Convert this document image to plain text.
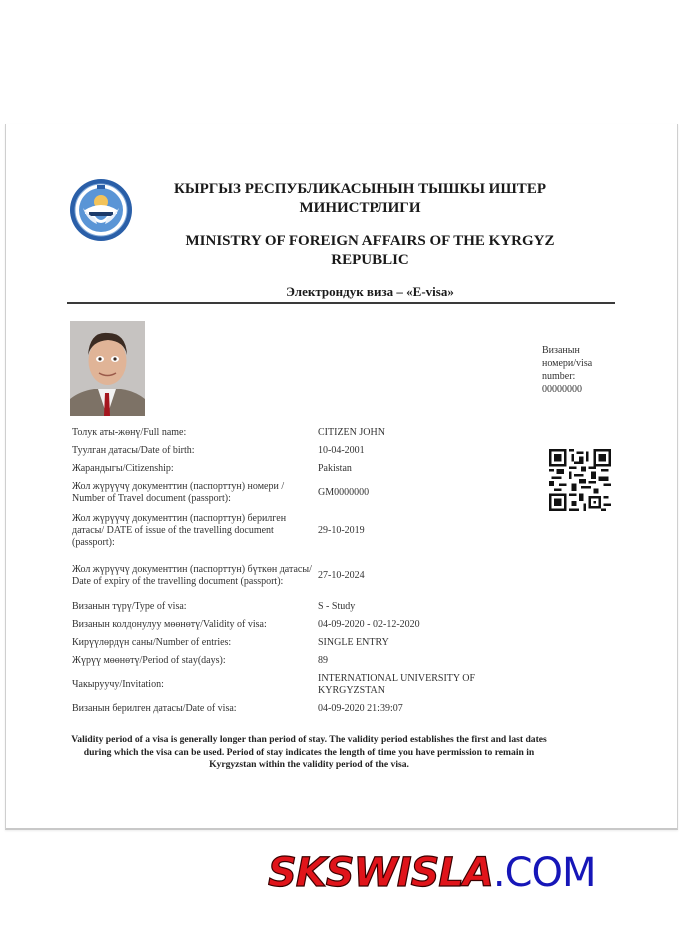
КЫРГЫЗ РЕСПУБЛИКАСЫНЫН ТЫШКЫ ИШТЕР МИНИСТРЛИГИ
MINISTRY OF FOREIGN AFFAIRS OF THE KYRGYZ REPUBLIC
Электрондук виза – «E-visa»
Визанын номери/visa number:
00000000
Толук аты-жөнү/Full name:	CITIZEN JOHN
Туулган датасы/Date of birth:	10-04-2001
Жарандыгы/Citizenship:	Pakistan
Жол жүрүүчү документтин (паспорттун) номери / Number of Travel document (passport):
GM0000000
Жол жүрүүчү документтин (паспорттун) берилген датасы/ DATE of issue of the travelling document (passport):
29-10-2019
Жол жүрүүчү документтин (паспорттун) бүткөн датасы/ Date of expiry of the travelling document (passport):
27-10-2024
Визанын түрү/Type of visa:	S - Study
Визанын колдонулуу мөөнөтү/Validity of visa:	04-09-2020 - 02-12-2020
Кирүүлөрдүн саны/Number of entries:	SINGLE ENTRY
Жүрүү мөөнөтү/Period of stay(days):	89
Чакыруучу/Invitation:
INTERNATIONAL UNIVERSITY OF KYRGYZSTAN
Визанын берилген датасы/Date of visa:	04-09-2020 21:39:07
Validity period of a visa is generally longer than period of stay. The validity period establishes the first and last dates during which the visa can be used. Period of stay indicates the length of time you have permission to remain in Kyrgyzstan within the validity period of the visa.
SKSWISLA.COM
